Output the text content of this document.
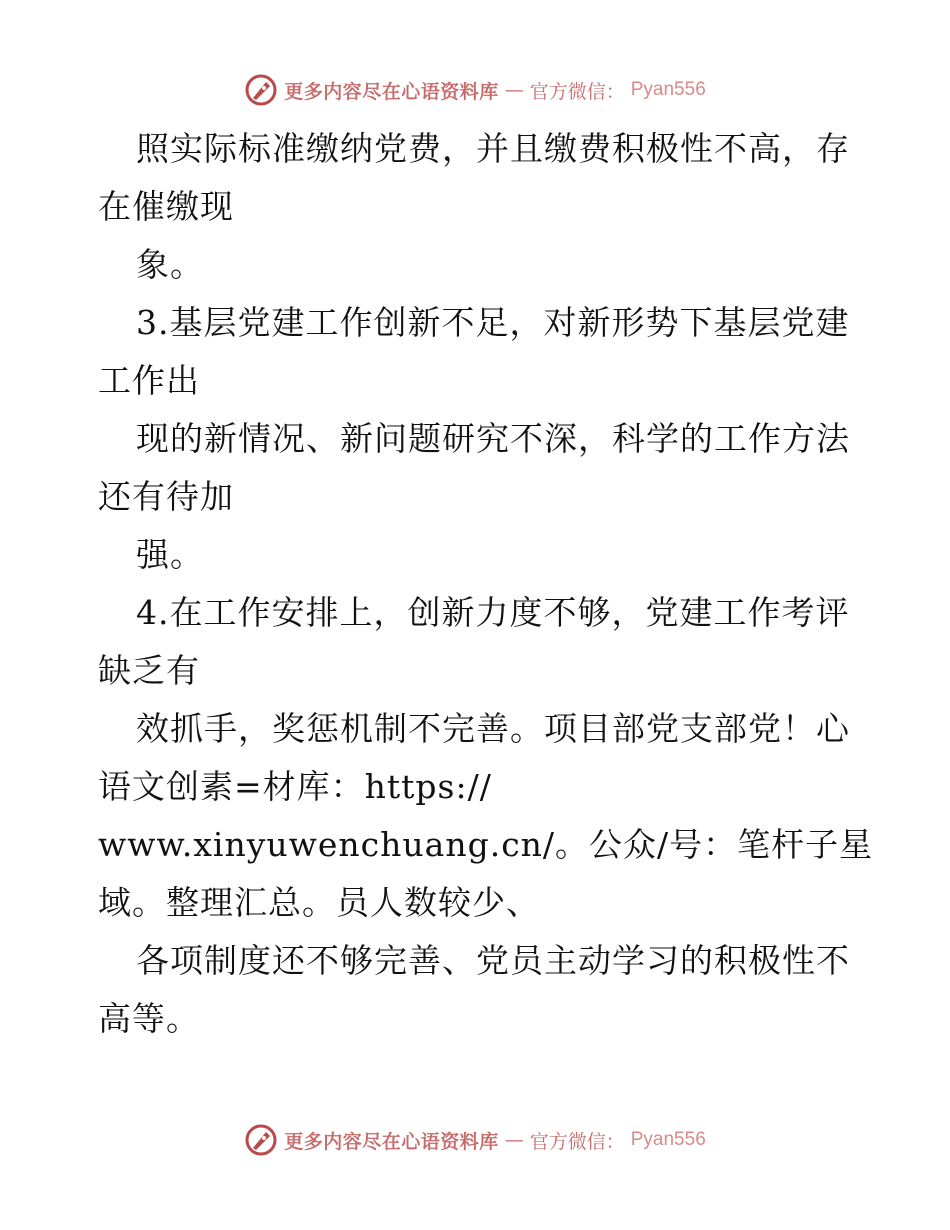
更多内容尽在心语资料库 — 官方微信： Pyan556
照实际标准缴纳党费，并且缴费积极性不高，存
在催缴现
象。
3.基层党建工作创新不足，对新形势下基层党建
工作出
现的新情况、新问题研究不深，科学的工作方法
还有待加
强。
4.在工作安排上，创新力度不够，党建工作考评
缺乏有
效抓手，奖惩机制不完善。项目部党支部党！心
语文创素=材库：https://
www.xinyuwenchuang.cn/。公众/号：笔杆子星
域。整理汇总。员人数较少、
各项制度还不够完善、党员主动学习的积极性不
高等。
更多内容尽在心语资料库 — 官方微信： Pyan556
